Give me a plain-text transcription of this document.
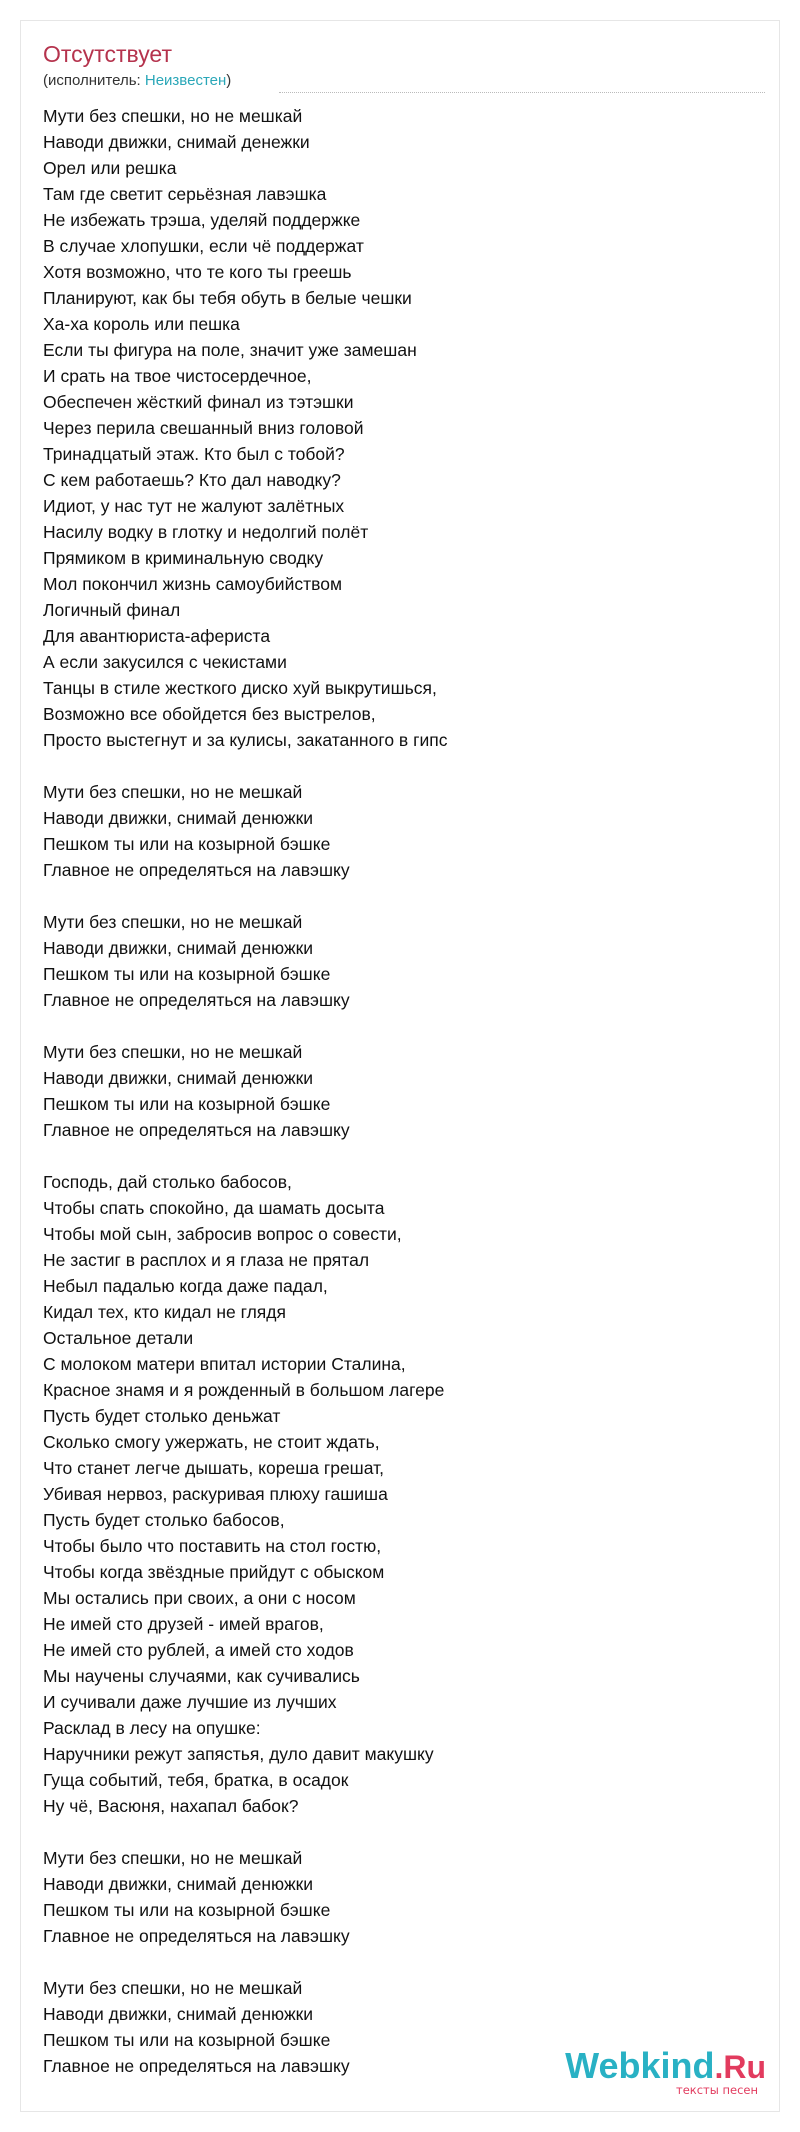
Отсутствует
(исполнитель: Неизвестен)
Мути без спешки, но не мешкай
Наводи движки, снимай денежки
Орел или решка
Там где светит серьёзная лавэшка
Не избежать трэша, уделяй поддержке
В случае хлопушки, если чё поддержат
Хотя возможно, что те кого ты греешь
Планируют, как бы тебя обуть в белые чешки
Ха-ха король или пешка
Если ты фигура на поле, значит уже замешан
И срать на твое чистосердечное,
Обеспечен жёсткий финал из тэтэшки
Через перила свешанный вниз головой
Тринадцатый этаж. Кто был с тобой?
С кем работаешь? Кто дал наводку?
Идиот, у нас тут не жалуют залётных
Насилу водку в глотку и недолгий полёт
Прямиком в криминальную сводку
Мол покончил жизнь самоубийством
Логичный финал
Для авантюриста-афериста
А если закусился с чекистами
Танцы в стиле жесткого диско хуй выкрутишься,
Возможно все обойдется без выстрелов,
Просто выстегнут и за кулисы, закатанного в гипс
Мути без спешки, но не мешкай
Наводи движки, снимай денюжки
Пешком ты или на козырной бэшке
Главное не определяться на лавэшку
Мути без спешки, но не мешкай
Наводи движки, снимай денюжки
Пешком ты или на козырной бэшке
Главное не определяться на лавэшку
Мути без спешки, но не мешкай
Наводи движки, снимай денюжки
Пешком ты или на козырной бэшке
Главное не определяться на лавэшку
Господь, дай столько бабосов,
Чтобы спать спокойно, да шамать досыта
Чтобы мой сын, забросив вопрос о совести,
Не застиг в расплох и я глаза не прятал
Небыл падалью когда даже падал,
Кидал тех, кто кидал не глядя
Остальное детали
С молоком матери впитал истории Сталина,
Красное знамя и я рожденный в большом лагере
Пусть будет столько деньжат
Сколько смогу ужержать, не стоит ждать,
Что станет легче дышать, кореша грешат,
Убивая нервоз, раскуривая плюху гашиша
Пусть будет столько бабосов,
Чтобы было что поставить на стол гостю,
Чтобы когда звёздные прийдут с обыском
Мы остались при своих, а они с носом
Не имей сто друзей - имей врагов,
Не имей сто рублей, а имей сто ходов
Мы научены случаями, как сучивались
И сучивали даже лучшие из лучших
Расклад в лесу на опушке:
Наручники режут запястья, дуло давит макушку
Гуща событий, тебя, братка, в осадок
Ну чё, Васюня, нахапал бабок?
Мути без спешки, но не мешкай
Наводи движки, снимай денюжки
Пешком ты или на козырной бэшке
Главное не определяться на лавэшку
Мути без спешки, но не мешкай
Наводи движки, снимай денюжки
Пешком ты или на козырной бэшке
Главное не определяться на лавэшку	Webkind.Ru
тексты песен
